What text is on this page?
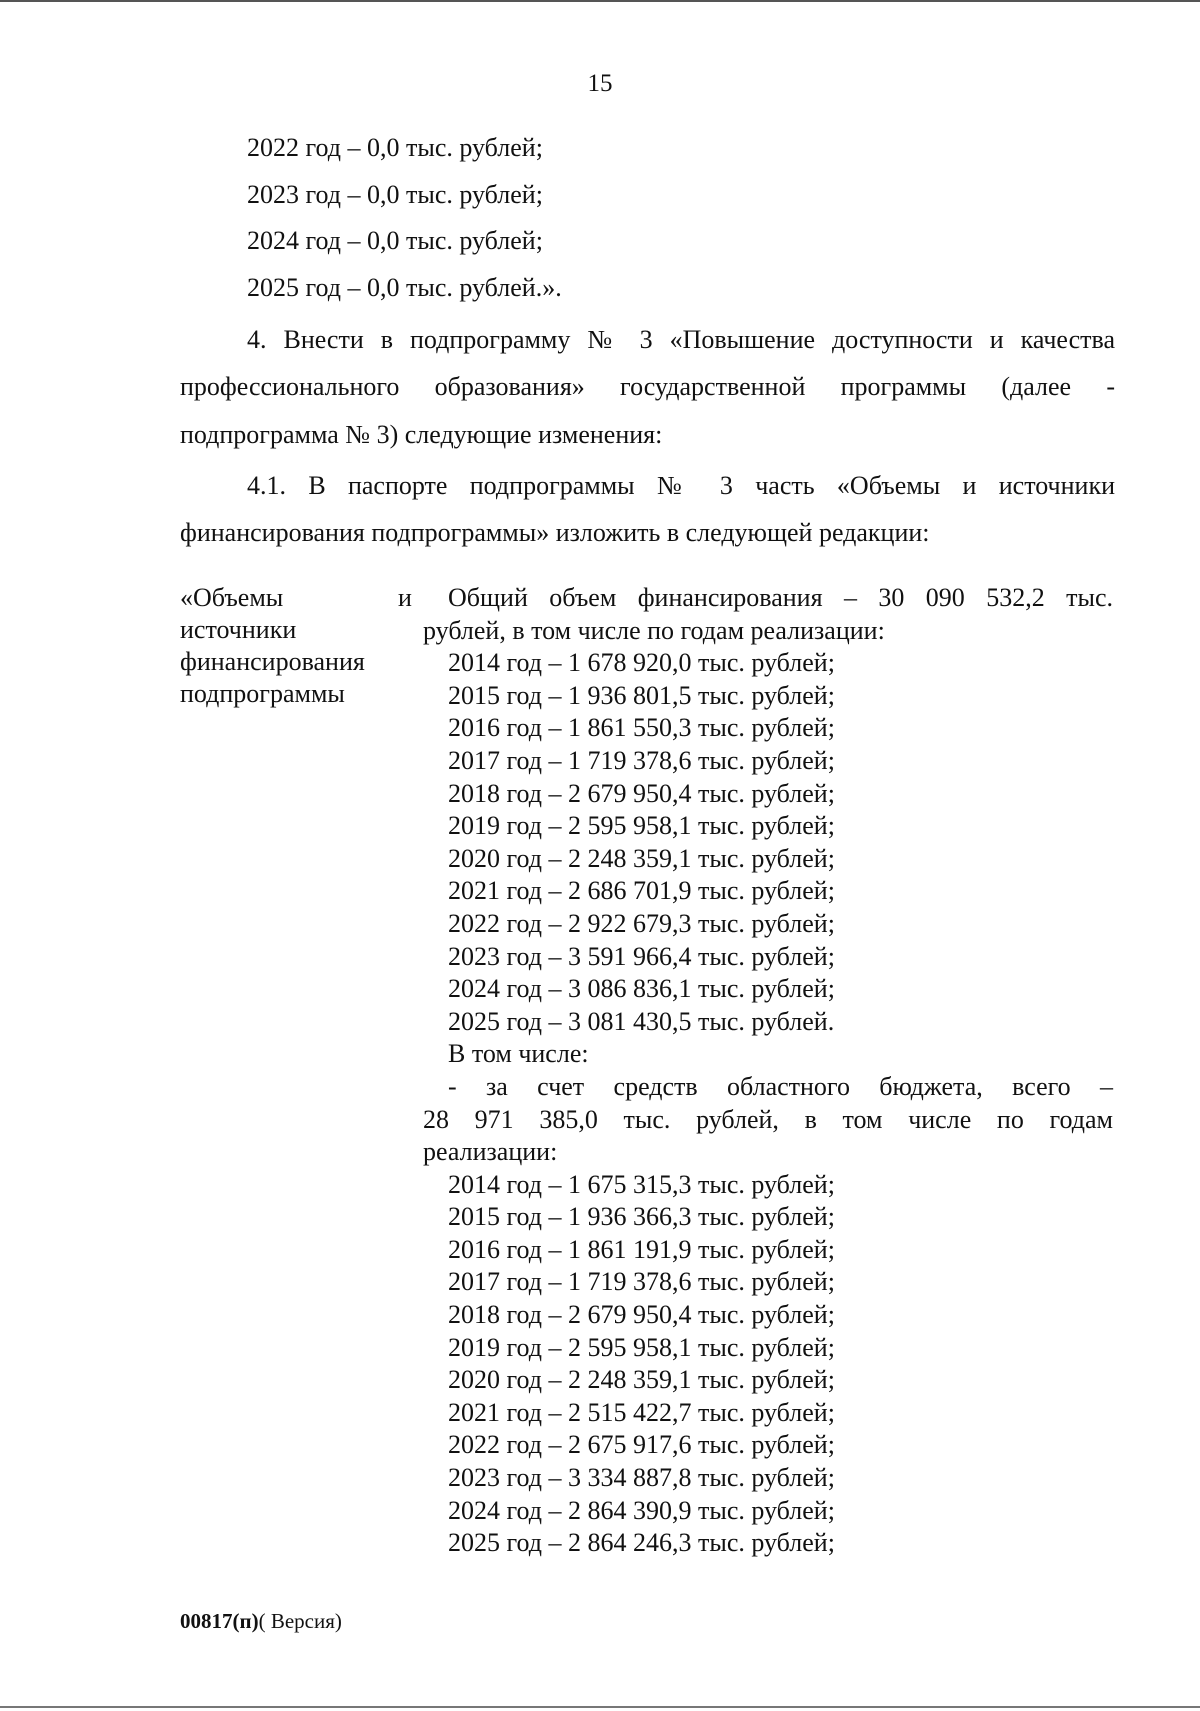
15
2022 год – 0,0 тыс. рублей;
2023 год – 0,0 тыс. рублей;
2024 год – 0,0 тыс. рублей;
2025 год – 0,0 тыс. рублей.».
4. Внести в подпрограмму № 3 «Повышение доступности и качества
профессионального образования» государственной программы (далее -
подпрограмма № 3) следующие изменения:
4.1. В паспорте подпрограммы № 3 часть «Объемы и источники
финансирования подпрограммы» изложить в следующей редакции:
«Объемы
источники
финансирования
подпрограммы
и	Общий объем финансирования – 30 090 532,2 тыс.
рублей, в том числе по годам реализации:
2014 год – 1 678 920,0 тыс. рублей;
2015 год – 1 936 801,5 тыс. рублей;
2016 год – 1 861 550,3 тыс. рублей;
2017 год – 1 719 378,6 тыс. рублей;
2018 год – 2 679 950,4 тыс. рублей;
2019 год – 2 595 958,1 тыс. рублей;
2020 год – 2 248 359,1 тыс. рублей;
2021 год – 2 686 701,9 тыс. рублей;
2022 год – 2 922 679,3 тыс. рублей;
2023 год – 3 591 966,4 тыс. рублей;
2024 год – 3 086 836,1 тыс. рублей;
2025 год – 3 081 430,5 тыс. рублей.
В том числе:
- за счет средств областного бюджета, всего –
28 971 385,0 тыс. рублей, в том числе по годам
реализации:
2014 год – 1 675 315,3 тыс. рублей;
2015 год – 1 936 366,3 тыс. рублей;
2016 год – 1 861 191,9 тыс. рублей;
2017 год – 1 719 378,6 тыс. рублей;
2018 год – 2 679 950,4 тыс. рублей;
2019 год – 2 595 958,1 тыс. рублей;
2020 год – 2 248 359,1 тыс. рублей;
2021 год – 2 515 422,7 тыс. рублей;
2022 год – 2 675 917,6 тыс. рублей;
2023 год – 3 334 887,8 тыс. рублей;
2024 год – 2 864 390,9 тыс. рублей;
2025 год – 2 864 246,3 тыс. рублей;
00817(п)( Версия)
